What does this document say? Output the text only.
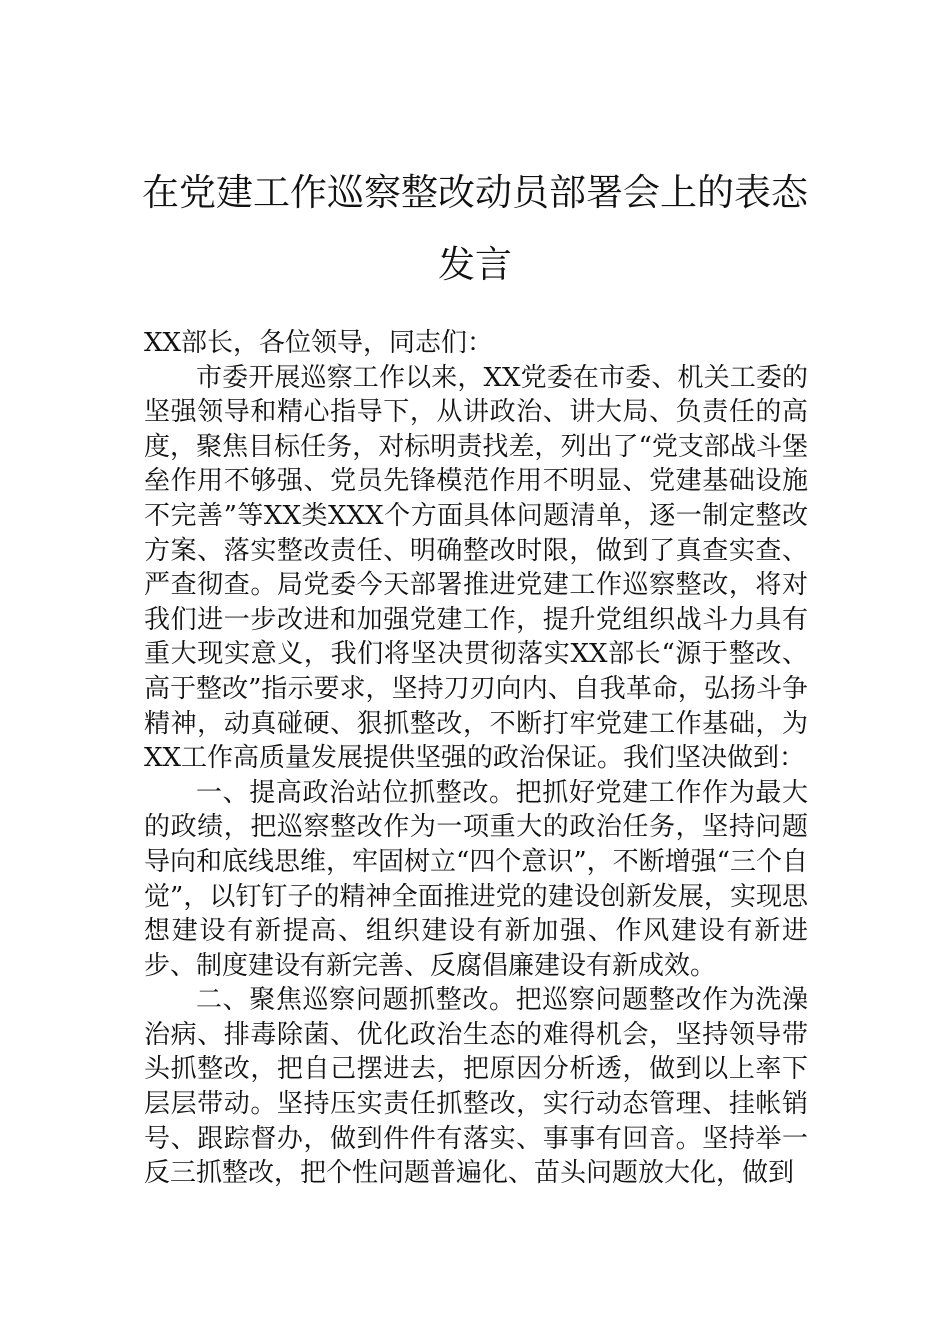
在党建工作巡察整改动员部署会上的表态
发言

XX部长，各位领导，同志们：

市委开展巡察工作以来，XX党委在市委、机关工委的坚强领导和精心指导下，从讲政治、讲大局、负责任的高度，聚焦目标任务，对标明责找差，列出了“党支部战斗堡垒作用不够强、党员先锋模范作用不明显、党建基础设施不完善”等XX类XXX个方面具体问题清单，逐一制定整改方案、落实整改责任、明确整改时限，做到了真查实查、严查彻查。局党委今天部署推进党建工作巡察整改，将对我们进一步改进和加强党建工作，提升党组织战斗力具有重大现实意义，我们将坚决贯彻落实XX部长“源于整改、高于整改”指示要求，坚持刀刃向内、自我革命，弘扬斗争精神，动真碰硬、狠抓整改，不断打牢党建工作基础，为XX工作高质量发展提供坚强的政治保证。我们坚决做到：

一、提高政治站位抓整改。把抓好党建工作作为最大的政绩，把巡察整改作为一项重大的政治任务，坚持问题导向和底线思维，牢固树立“四个意识”，不断增强“三个自觉”，以钉钉子的精神全面推进党的建设创新发展，实现思想建设有新提高、组织建设有新加强、作风建设有新进步、制度建设有新完善、反腐倡廉建设有新成效。

二、聚焦巡察问题抓整改。把巡察问题整改作为洗澡治病、排毒除菌、优化政治生态的难得机会，坚持领导带头抓整改，把自己摆进去，把原因分析透，做到以上率下层层带动。坚持压实责任抓整改，实行动态管理、挂帐销号、跟踪督办，做到件件有落实、事事有回音。坚持举一反三抓整改，把个性问题普遍化、苗头问题放大化，做到
